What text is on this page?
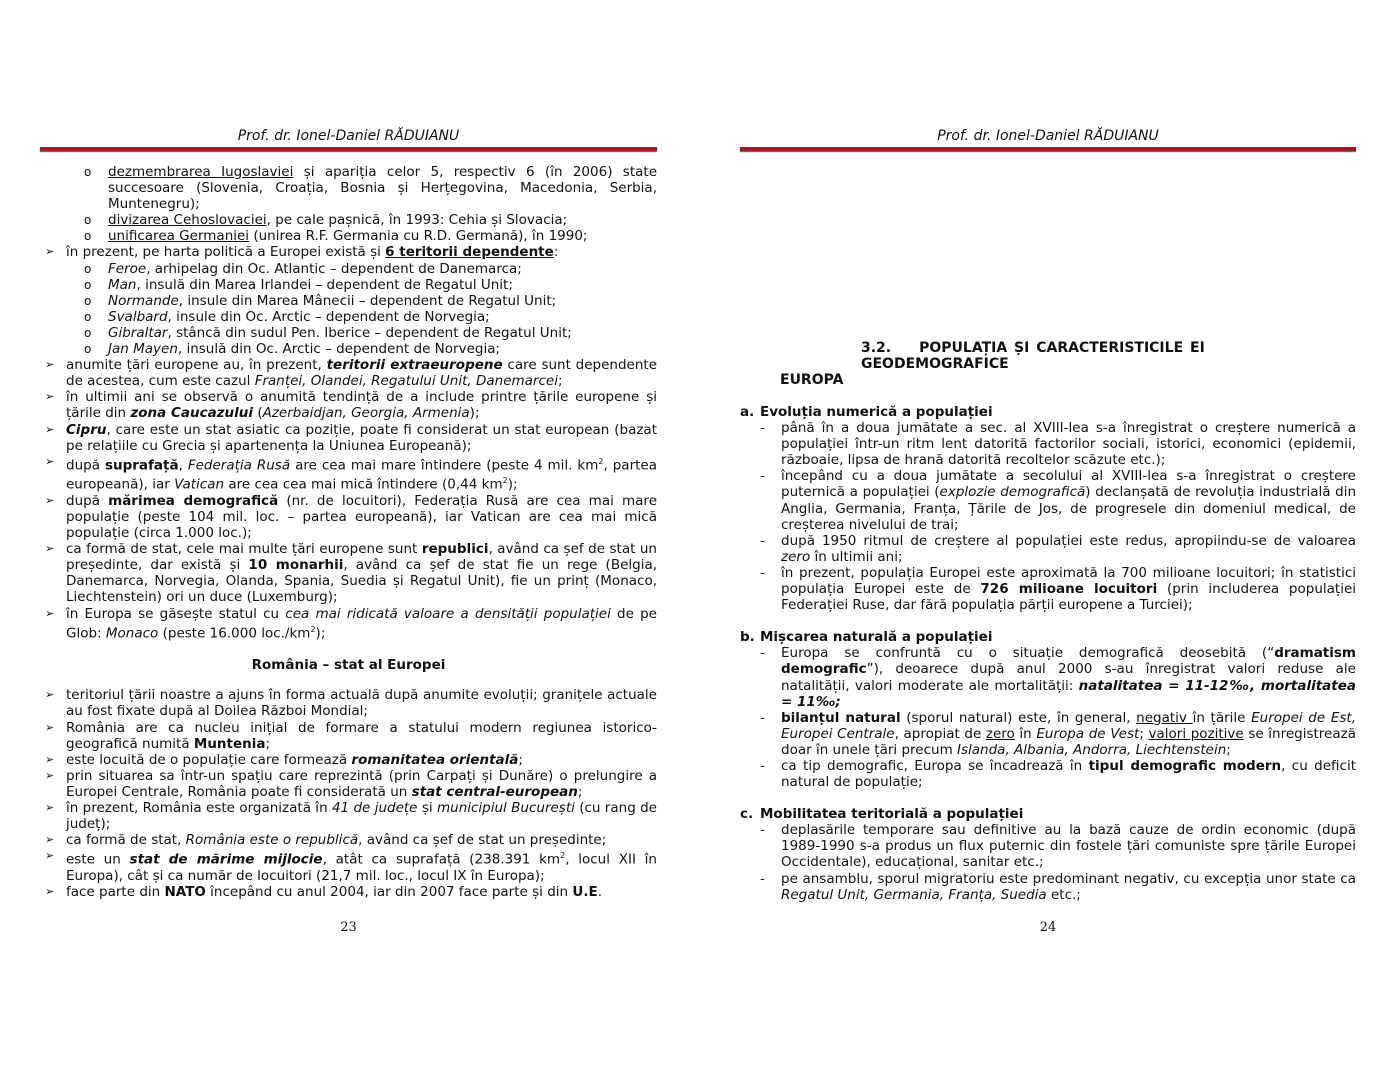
Prof. dr. Ionel-Daniel RĂDUIANU

o dezmembrarea Iugoslaviei și apariția celor 5, respectiv 6 (în 2006) state succesoare (Slovenia, Croația, Bosnia și Herțegovina, Macedonia, Serbia, Muntenegru);

o divizarea Cehoslovaciei, pe cale pașnică, în 1993: Cehia și Slovacia;

o unificarea Germaniei (unirea R.F. Germania cu R.D. Germană), în 1990;

➢ în prezent, pe harta politică a Europei există și 6 teritorii dependente:

o Feroe, arhipelag din Oc. Atlantic – dependent de Danemarca;

o Man, insulă din Marea Irlandei – dependent de Regatul Unit;

o Normande, insule din Marea Mânecii – dependent de Regatul Unit;

o Svalbard, insule din Oc. Arctic – dependent de Norvegia;

o Gibraltar, stâncă din sudul Pen. Iberice – dependent de Regatul Unit;

o Jan Mayen, insulă din Oc. Arctic – dependent de Norvegia;

➢ anumite țări europene au, în prezent, teritorii extraeuropene care sunt dependente de acestea, cum este cazul Franței, Olandei, Regatului Unit, Danemarcei;

➢ în ultimii ani se observă o anumită tendință de a include printre țările europene și țările din zona Caucazului (Azerbaidjan, Georgia, Armenia);

➢ Cipru, care este un stat asiatic ca poziție, poate fi considerat un stat european (bazat pe relațiile cu Grecia și apartenența la Uniunea Europeană);

➢ după suprafață, Federația Rusă are cea mai mare întindere (peste 4 mil. $km^2$, partea europeană), iar Vatican are cea cea mai mică întindere (0,44 $km^2$);

➢ după mărimea demografică (nr. de locuitori), Federația Rusă are cea mai mare populație (peste 104 mil. loc. – partea europeană), iar Vatican are cea mai mică populație (circa 1.000 loc.);

➢ ca formă de stat, cele mai multe țări europene sunt republici, având ca șef de stat un președinte, dar există și 10 monarhii, având ca șef de stat fie un rege (Belgia, Danemarca, Norvegia, Olanda, Spania, Suedia și Regatul Unit), fie un prinț (Monaco, Liechtenstein) ori un duce (Luxemburg);

➢ în Europa se găsește statul cu cea mai ridicată valoare a densității populației de pe Glob: Monaco (peste 16.000 $loc./km^2$);

România – stat al Europei

➢ teritoriul țării noastre a ajuns în forma actuală după anumite evoluții; granițele actuale au fost fixate după al Doilea Război Mondial;

➢ România are ca nucleu inițial de formare a statului modern regiunea istorico-geografică numită Muntenia;

➢ este locuită de o populație care formează romanitatea orientală;

➢ prin situarea sa într-un spațiu care reprezintă (prin Carpați și Dunăre) o prelungire a Europei Centrale, România poate fi considerată un stat central-european;

➢ în prezent, România este organizată în 41 de județe și municipiul București (cu rang de județ);

➢ ca formă de stat, România este o republică, având ca șef de stat un președinte;

➢ este un stat de mărime mijlocie, atât ca suprafață (238.391 $km^2$, locul XII în Europa), cât și ca număr de locuitori (21,7 mil. loc., locul IX în Europa);

➢ face parte din NATO începând cu anul 2004, iar din 2007 face parte și din U.E.

23
Prof. dr. Ionel-Daniel RĂDUIANU
3.2. POPULAȚIA ȘI CARACTERISTICILE EI GEODEMOGRAFICE
EUROPA

a. Evoluția numerică a populației

- până în a doua jumătate a sec. al XVIII-lea s-a înregistrat o creștere numerică a populației într-un ritm lent datorită factorilor sociali, istorici, economici (epidemii, războaie, lipsa de hrană datorită recoltelor scăzute etc.);

- începând cu a doua jumătate a secolului al XVIII-lea s-a înregistrat o creștere puternică a populației (explozie demografică) declanșată de revoluția industrială din Anglia, Germania, Franța, Țările de Jos, de progresele din domeniul medical, de creșterea nivelului de trai;

- după 1950 ritmul de creștere al populației este redus, apropiindu-se de valoarea zero în ultimii ani;

- în prezent, populația Europei este aproximată la 700 milioane locuitori; în statistici populația Europei este de 726 milioane locuitori (prin includerea populației Federației Ruse, dar fără populația părții europene a Turciei);

b. Mișcarea naturală a populației

- Europa se confruntă cu o situație demografică deosebită (“dramatism demografic”), deoarece după anul 2000 s-au înregistrat valori reduse ale natalității, valori moderate ale mortalității: natalitatea = 11-12‰, mortalitatea = 11‰;

- bilanțul natural (sporul natural) este, în general, negativ în țările Europei de Est, Europei Centrale, apropiat de zero în Europa de Vest; valori pozitive se înregistrează doar în unele țări precum Islanda, Albania, Andorra, Liechtenstein;

- ca tip demografic, Europa se încadrează în tipul demografic modern, cu deficit natural de populație;

c. Mobilitatea teritorială a populației

- deplasările temporare sau definitive au la bază cauze de ordin economic (după 1989-1990 s-a produs un flux puternic din fostele țări comuniste spre țările Europei Occidentale), educațional, sanitar etc.;

- pe ansamblu, sporul migratoriu este predominant negativ, cu excepția unor state ca Regatul Unit, Germania, Franța, Suedia etc.;

24
